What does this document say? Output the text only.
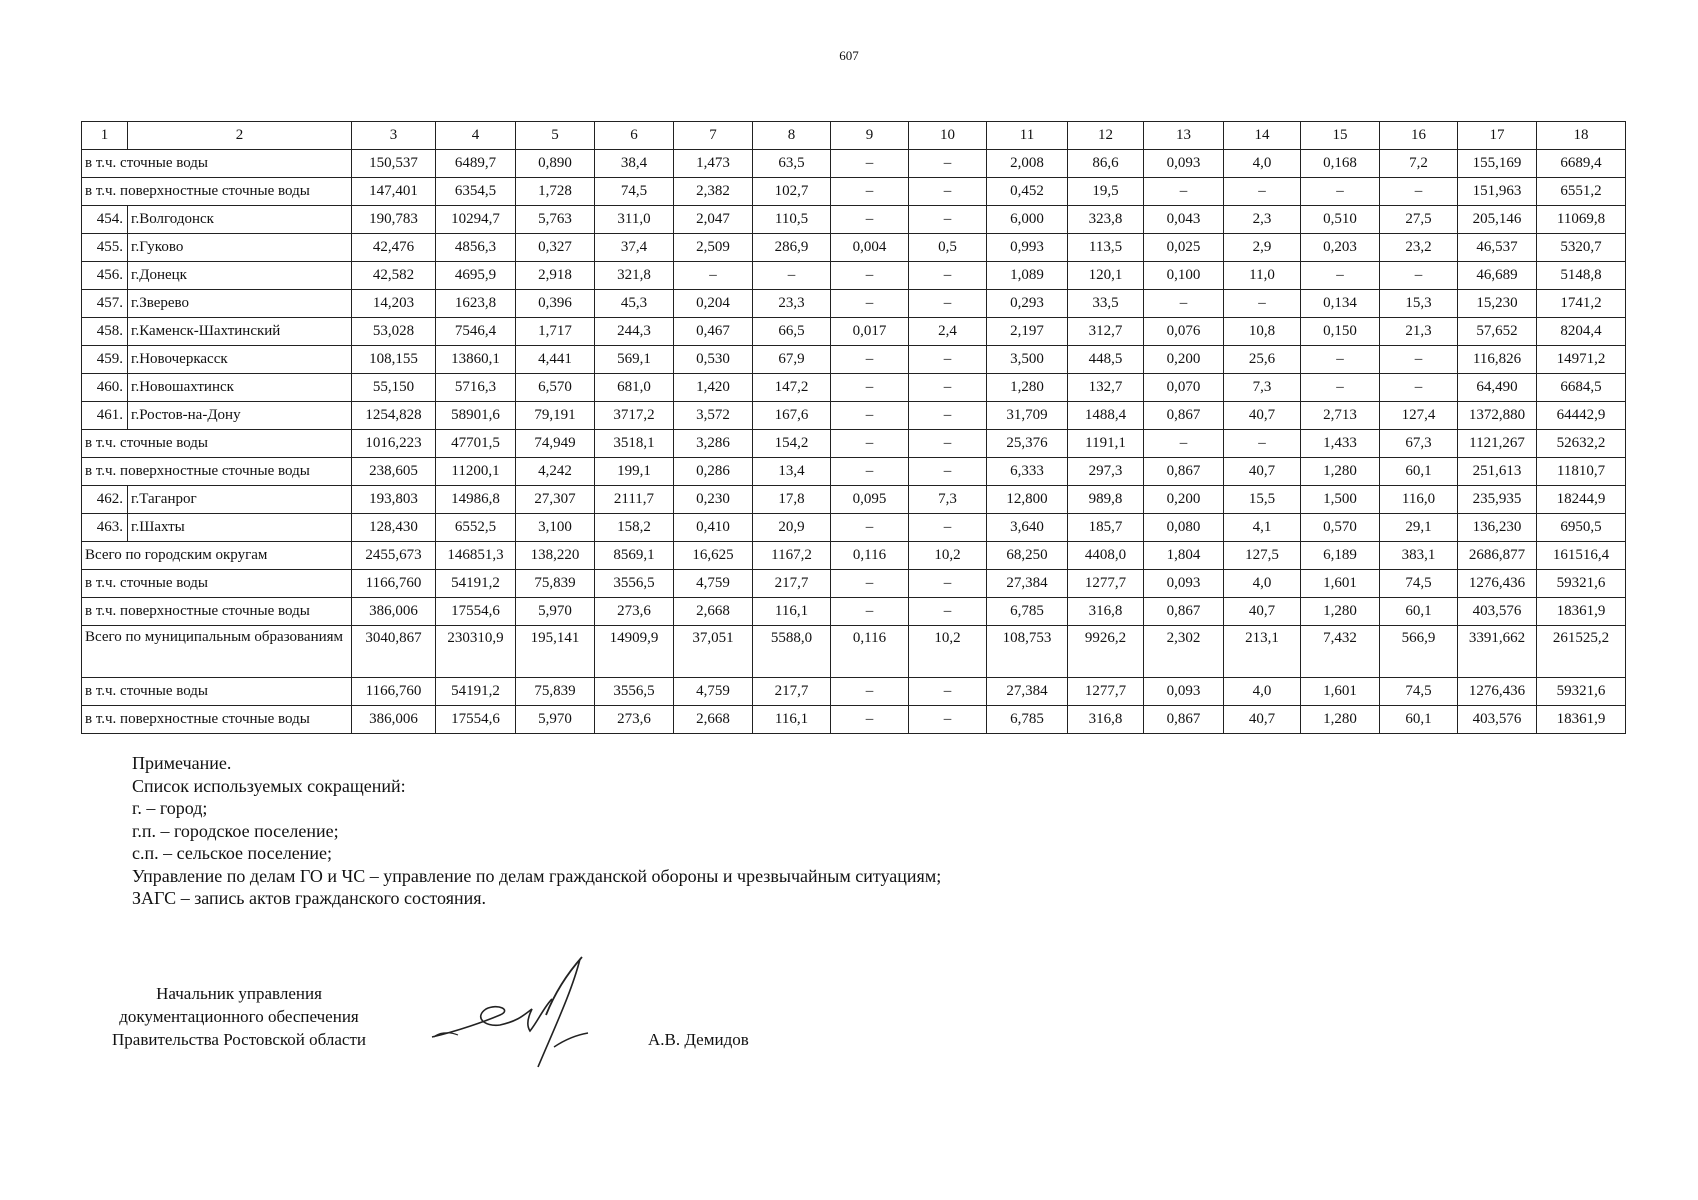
607
1	2	3	4	5	6	7	8	9	10	11	12	13	14	15	16	17	18
в т.ч. сточные воды		150,537	6489,7	0,890	38,4	1,473	63,5	–	–	2,008	86,6	0,093	4,0	0,168	7,2	155,169	6689,4
в т.ч. поверхностные сточные воды		147,401	6354,5	1,728	74,5	2,382	102,7	–	–	0,452	19,5	–	–	–	–	151,963	6551,2
454.	г.Волгодонск	190,783	10294,7	5,763	311,0	2,047	110,5	–	–	6,000	323,8	0,043	2,3	0,510	27,5	205,146	11069,8
455.	г.Гуково	42,476	4856,3	0,327	37,4	2,509	286,9	0,004	0,5	0,993	113,5	0,025	2,9	0,203	23,2	46,537	5320,7
456.	г.Донецк	42,582	4695,9	2,918	321,8	–	–	–	–	1,089	120,1	0,100	11,0	–	–	46,689	5148,8
457.	г.Зверево	14,203	1623,8	0,396	45,3	0,204	23,3	–	–	0,293	33,5	–	–	0,134	15,3	15,230	1741,2
458.	г.Каменск-Шахтинский	53,028	7546,4	1,717	244,3	0,467	66,5	0,017	2,4	2,197	312,7	0,076	10,8	0,150	21,3	57,652	8204,4
459.	г.Новочеркасск	108,155	13860,1	4,441	569,1	0,530	67,9	–	–	3,500	448,5	0,200	25,6	–	–	116,826	14971,2
460.	г.Новошахтинск	55,150	5716,3	6,570	681,0	1,420	147,2	–	–	1,280	132,7	0,070	7,3	–	–	64,490	6684,5
461.	г.Ростов-на-Дону	1254,828	58901,6	79,191	3717,2	3,572	167,6	–	–	31,709	1488,4	0,867	40,7	2,713	127,4	1372,880	64442,9
в т.ч. сточные воды		1016,223	47701,5	74,949	3518,1	3,286	154,2	–	–	25,376	1191,1	–	–	1,433	67,3	1121,267	52632,2
в т.ч. поверхностные сточные воды		238,605	11200,1	4,242	199,1	0,286	13,4	–	–	6,333	297,3	0,867	40,7	1,280	60,1	251,613	11810,7
462.	г.Таганрог	193,803	14986,8	27,307	2111,7	0,230	17,8	0,095	7,3	12,800	989,8	0,200	15,5	1,500	116,0	235,935	18244,9
463.	г.Шахты	128,430	6552,5	3,100	158,2	0,410	20,9	–	–	3,640	185,7	0,080	4,1	0,570	29,1	136,230	6950,5
Всего по городским округам		2455,673	146851,3	138,220	8569,1	16,625	1167,2	0,116	10,2	68,250	4408,0	1,804	127,5	6,189	383,1	2686,877	161516,4
в т.ч. сточные воды		1166,760	54191,2	75,839	3556,5	4,759	217,7	–	–	27,384	1277,7	0,093	4,0	1,601	74,5	1276,436	59321,6
в т.ч. поверхностные сточные воды		386,006	17554,6	5,970	273,6	2,668	116,1	–	–	6,785	316,8	0,867	40,7	1,280	60,1	403,576	18361,9
Всего по муниципальным образованиям		3040,867	230310,9	195,141	14909,9	37,051	5588,0	0,116	10,2	108,753	9926,2	2,302	213,1	7,432	566,9	3391,662	261525,2
в т.ч. сточные воды		1166,760	54191,2	75,839	3556,5	4,759	217,7	–	–	27,384	1277,7	0,093	4,0	1,601	74,5	1276,436	59321,6
в т.ч. поверхностные сточные воды		386,006	17554,6	5,970	273,6	2,668	116,1	–	–	6,785	316,8	0,867	40,7	1,280	60,1	403,576	18361,9
Примечание.
Список используемых сокращений:
г. – город;
г.п. – городское поселение;
с.п. – сельское поселение;
Управление по делам ГО и ЧС – управление по делам гражданской обороны и чрезвычайным ситуациям;
ЗАГС – запись актов гражданского состояния.
Начальник управления
документационного обеспечения
Правительства Ростовской области	А.В. Демидов
